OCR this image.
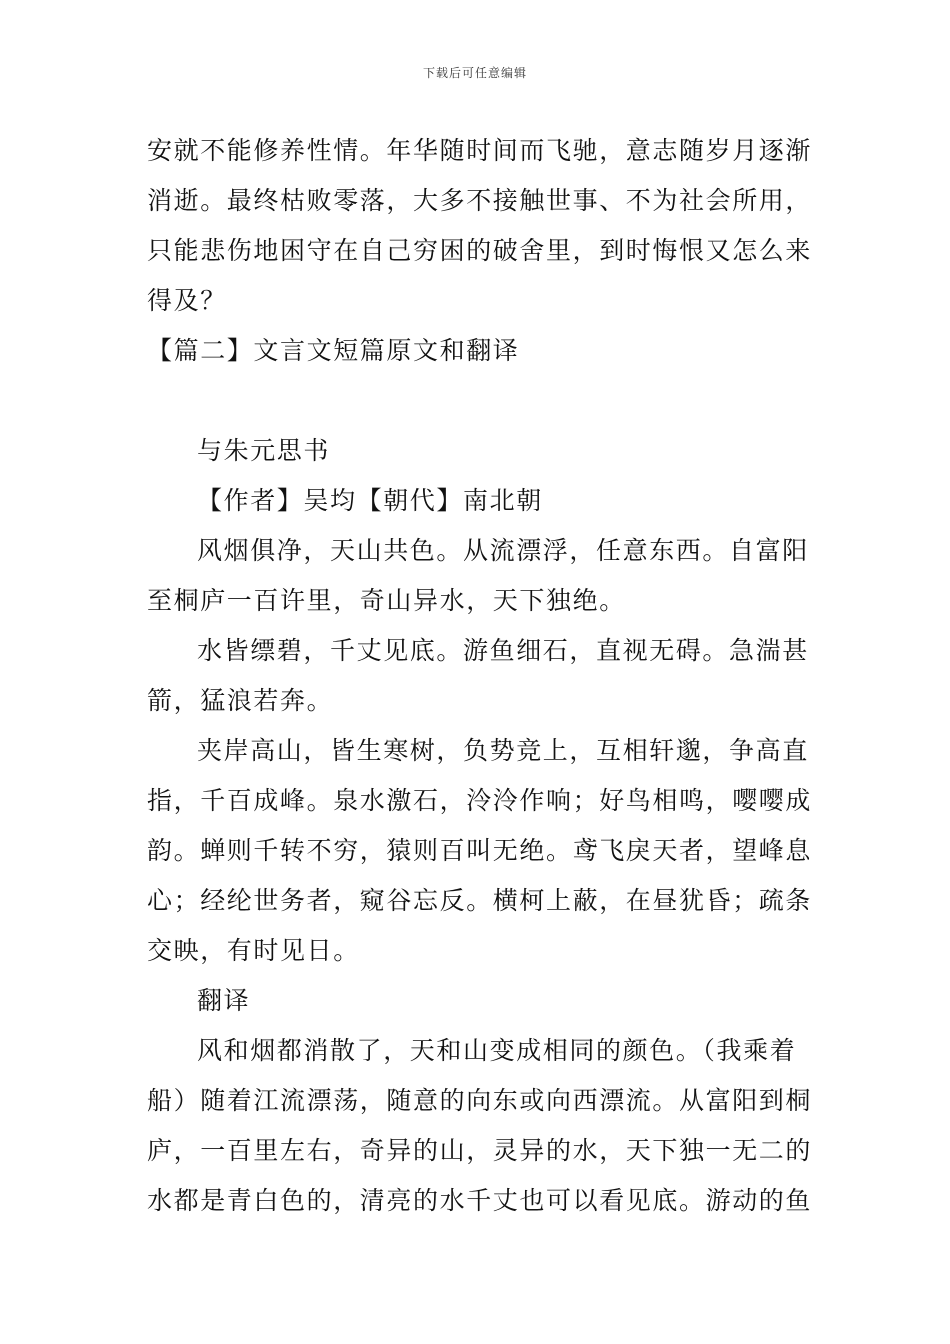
下载后可任意编辑
安就不能修养性情。年华随时间而飞驰，意志随岁月逐渐
消逝。最终枯败零落，大多不接触世事、不为社会所用，
只能悲伤地困守在自己穷困的破舍里，到时悔恨又怎么来
得及？
【篇二】文言文短篇原文和翻译
与朱元思书
【作者】吴均【朝代】南北朝
风烟俱净，天山共色。从流漂浮，任意东西。自富阳
至桐庐一百许里，奇山异水，天下独绝。
水皆缥碧，千丈见底。游鱼细石，直视无碍。急湍甚
箭，猛浪若奔。
夹岸高山，皆生寒树，负势竞上，互相轩邈，争高直
指，千百成峰。泉水激石，泠泠作响；好鸟相鸣，嘤嘤成
韵。蝉则千转不穷，猿则百叫无绝。鸢飞戾天者，望峰息
心；经纶世务者，窥谷忘反。横柯上蔽，在昼犹昏；疏条
交映，有时见日。
翻译
风和烟都消散了，天和山变成相同的颜色。（我乘着
船）随着江流漂荡，随意的向东或向西漂流。从富阳到桐
庐，一百里左右，奇异的山，灵异的水，天下独一无二的
水都是青白色的，清亮的水千丈也可以看见底。游动的鱼
